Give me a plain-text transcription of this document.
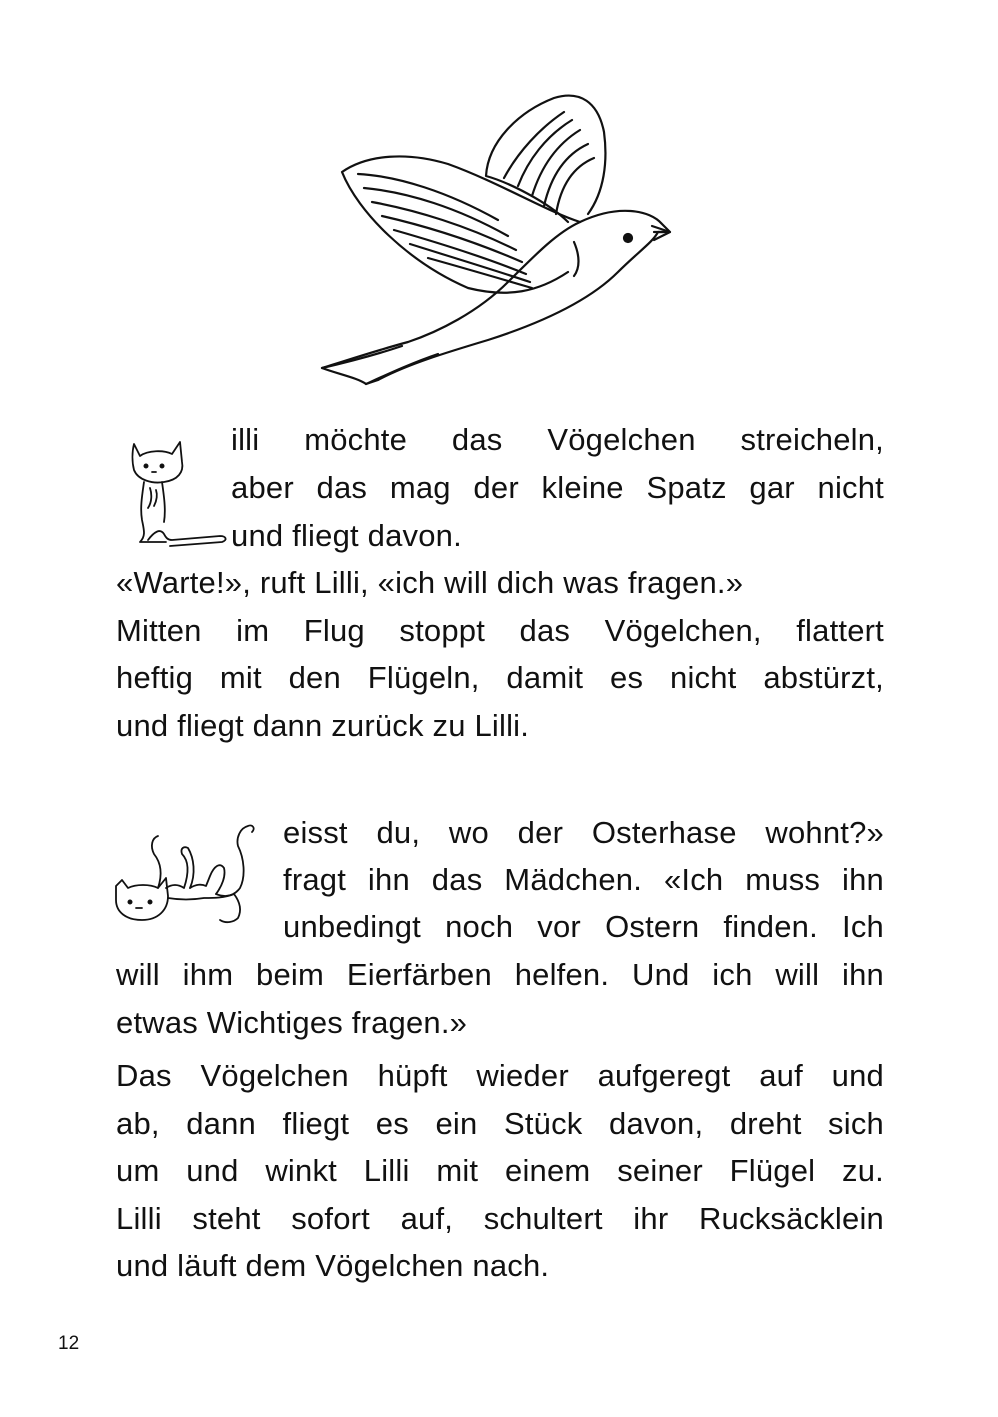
illi möchte das Vögelchen streicheln,
aber das mag der kleine Spatz gar nicht
und fliegt davon.
«Warte!», ruft Lilli, «ich will dich was fragen.»
Mitten im Flug stoppt das Vögelchen, flattert
heftig mit den Flügeln, damit es nicht abstürzt,
und fliegt dann zurück zu Lilli.
eisst du, wo der Osterhase wohnt?»
fragt ihn das Mädchen. «Ich muss ihn
unbedingt noch vor Ostern finden. Ich
will ihm beim Eierfärben helfen. Und ich will ihn
etwas Wichtiges fragen.»
Das Vögelchen hüpft wieder aufgeregt auf und
ab, dann fliegt es ein Stück davon, dreht sich
um und winkt Lilli mit einem seiner Flügel zu.
Lilli steht sofort auf, schultert ihr Rucksäcklein
und läuft dem Vögelchen nach.
12
